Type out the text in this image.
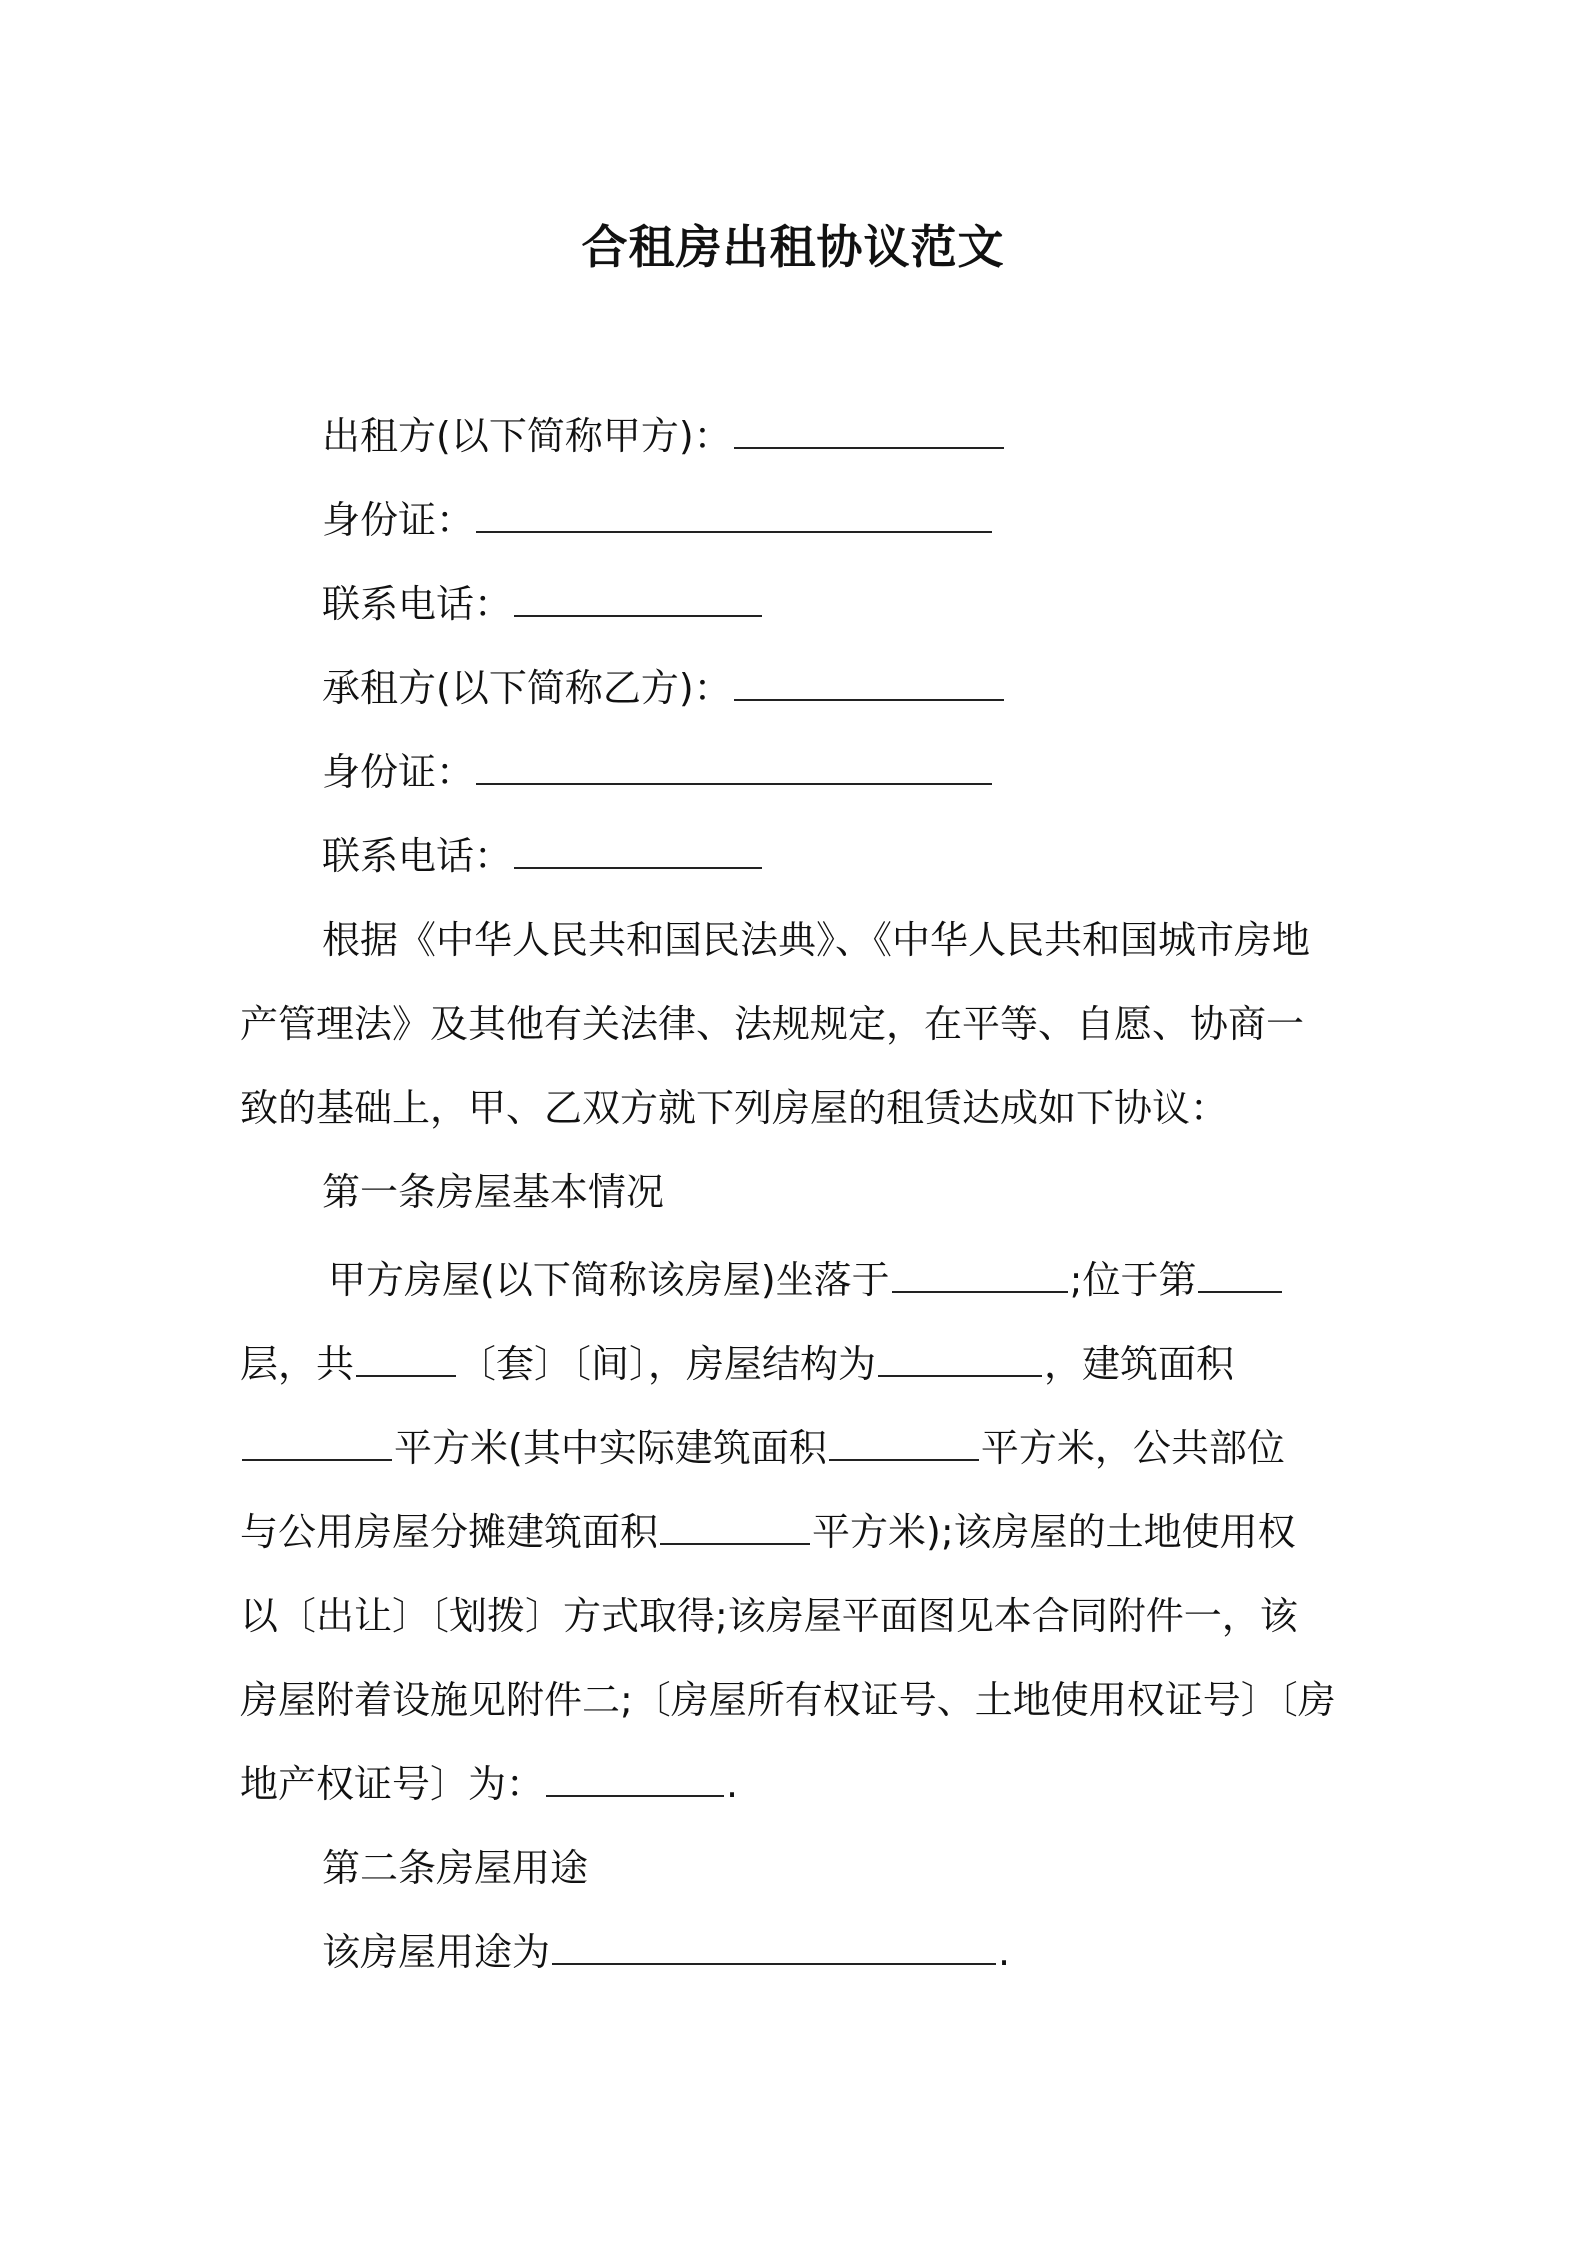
合租房出租协议范文
出租方(以下简称甲方)：
身份证：
联系电话：
承租方(以下简称乙方)：
身份证：
联系电话：
根据《中华人民共和国民法典》、《中华人民共和国城市房地
产管理法》及其他有关法律、法规规定，在平等、自愿、协商一
致的基础上，甲、乙双方就下列房屋的租赁达成如下协议：
第一条房屋基本情况
甲方房屋(以下简称该房屋)坐落于	;位于第
层，共	〔套〕〔间〕，房屋结构为	，建筑面积
平方米(其中实际建筑面积	平方米，公共部位
与公用房屋分摊建筑面积	平方米);该房屋的土地使用权
以〔出让〕〔划拨〕方式取得;该房屋平面图见本合同附件一，该
房屋附着设施见附件二;〔房屋所有权证号、土地使用权证号〕〔房
地产权证号〕为：	.
第二条房屋用途
该房屋用途为	.
